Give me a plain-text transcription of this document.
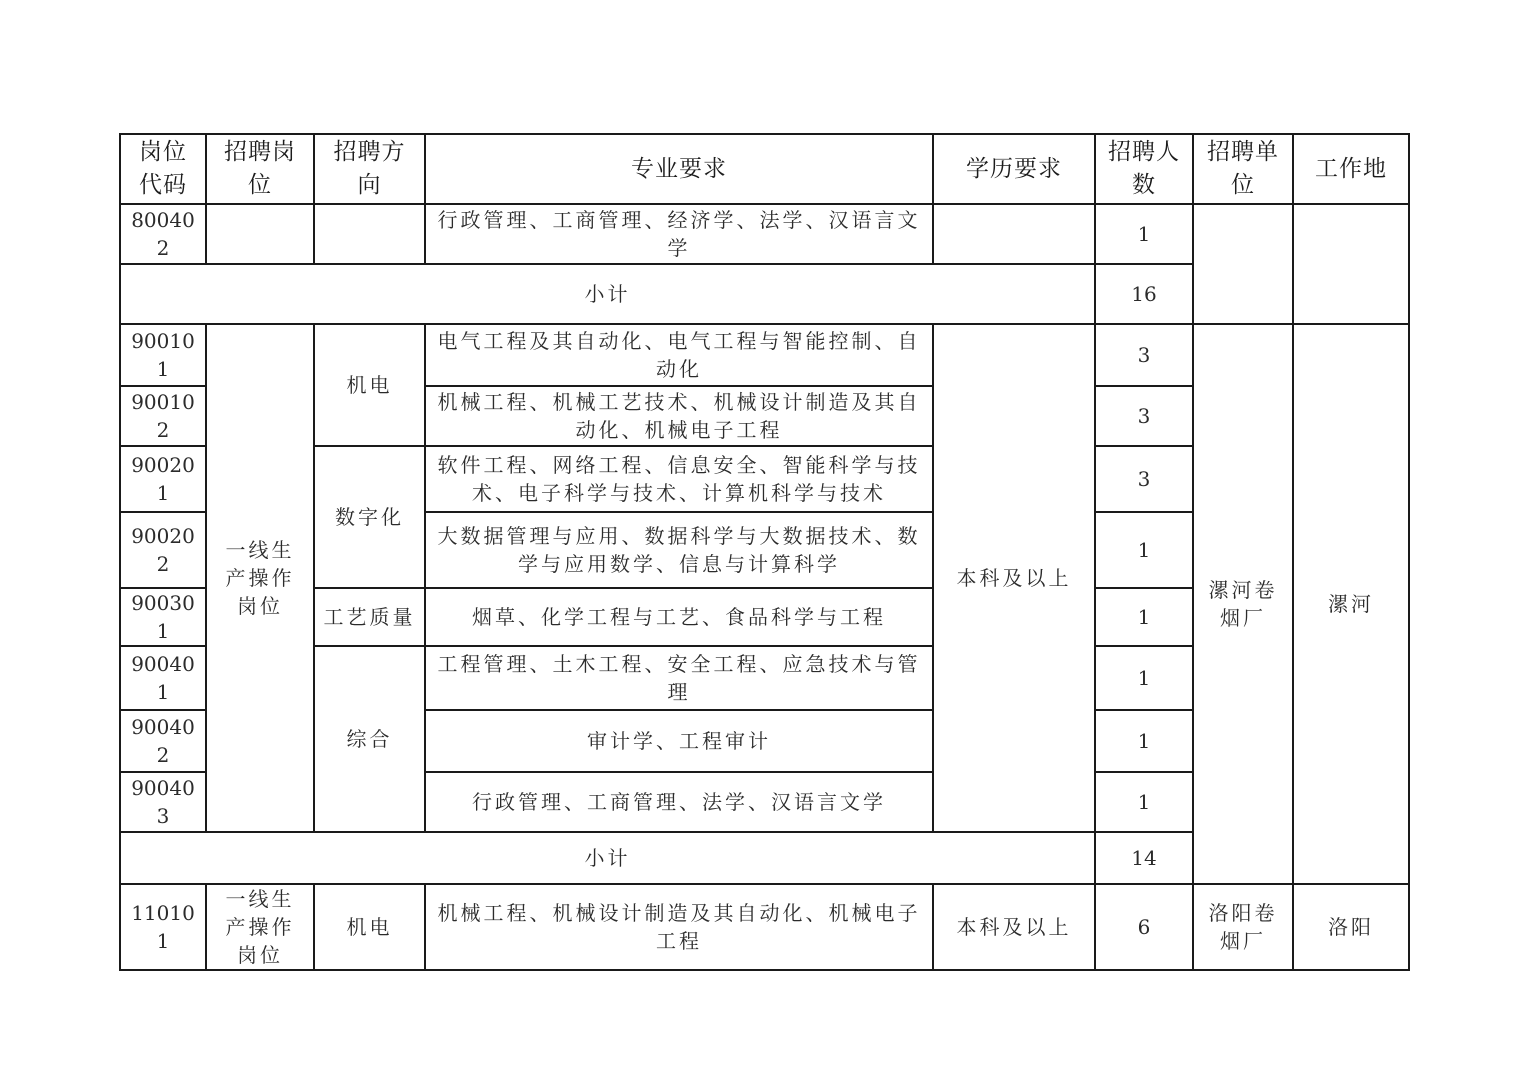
岗位代码	招聘岗位	招聘方向	专业要求	学历要求	招聘人数	招聘单位	工作地
800402			行政管理、工商管理、经济学、法学、汉语言文学		1		
小计					16		
900101	一线生产操作岗位	机电	电气工程及其自动化、电气工程与智能控制、自动化	本科及以上	3	漯河卷烟厂	漯河
900102			机械工程、机械工艺技术、机械设计制造及其自动化、机械电子工程		3		
900201		数字化	软件工程、网络工程、信息安全、智能科学与技术、电子科学与技术、计算机科学与技术		3		
900202			大数据管理与应用、数据科学与大数据技术、数学与应用数学、信息与计算科学		1		
900301		工艺质量	烟草、化学工程与工艺、食品科学与工程		1		
900401		综合	工程管理、土木工程、安全工程、应急技术与管理		1		
900402			审计学、工程审计		1		
900403			行政管理、工商管理、法学、汉语言文学		1		
小计					14		
110101	一线生产操作岗位	机电	机械工程、机械设计制造及其自动化、机械电子工程	本科及以上	6	洛阳卷烟厂	洛阳
